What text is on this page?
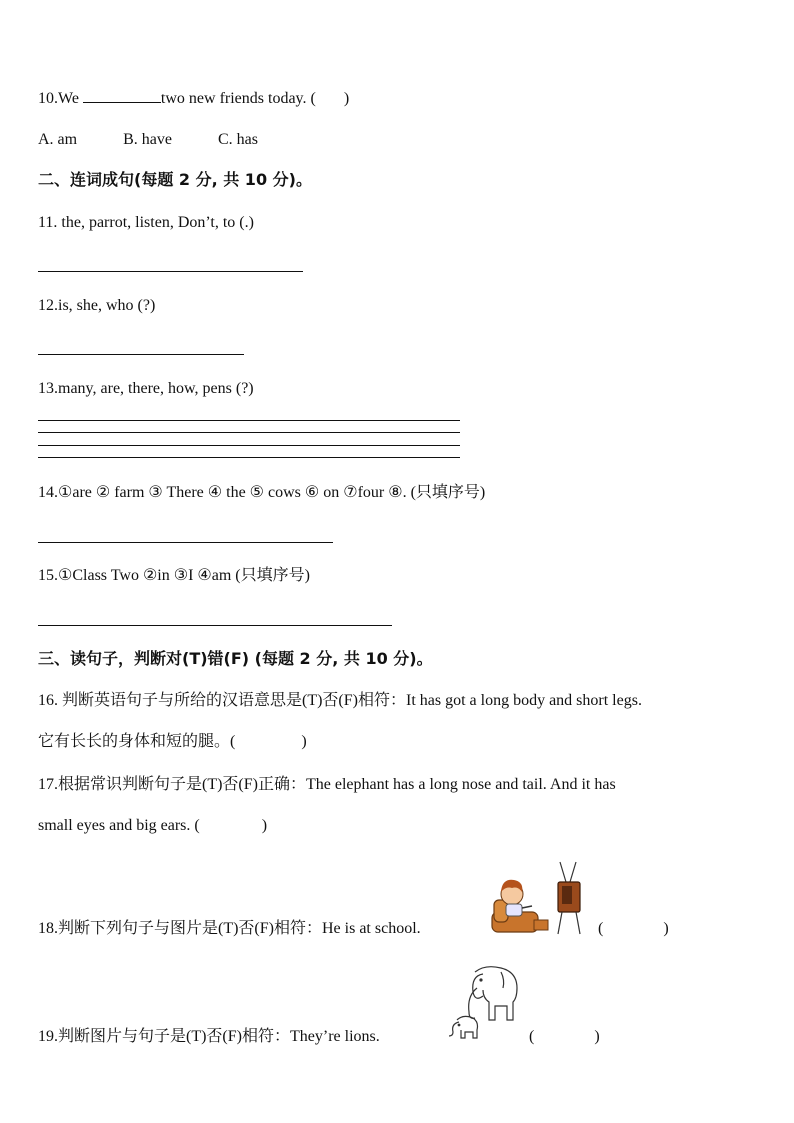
10.We	two new friends today. ( )
A. am	B. have	C. has
二、连词成句(每题 2 分, 共 10 分)。
11. the, parrot, listen, Don’t, to (.)
12.is, she, who (?)
13.many, are, there, how, pens (?)
14.①are ② farm ③ There ④ the ⑤ cows ⑥ on ⑦four ⑧. (只填序号)
15.①Class Two ②in ③I ④am (只填序号)
三、读句子，判断对(T)错(F) (每题 2 分, 共 10 分)。
16. 判断英语句子与所给的汉语意思是(T)否(F)相符：It has got a long body and short legs.
它有长长的身体和短的腿。(	)
17.根据常识判断句子是(T)否(F)正确：The elephant has a long nose and tail. And it has
small eyes and big ears. (	)
18.判断下列句子与图片是(T)否(F)相符：He is at school.	(	)
19.判断图片与句子是(T)否(F)相符：They’re lions.	(	)
